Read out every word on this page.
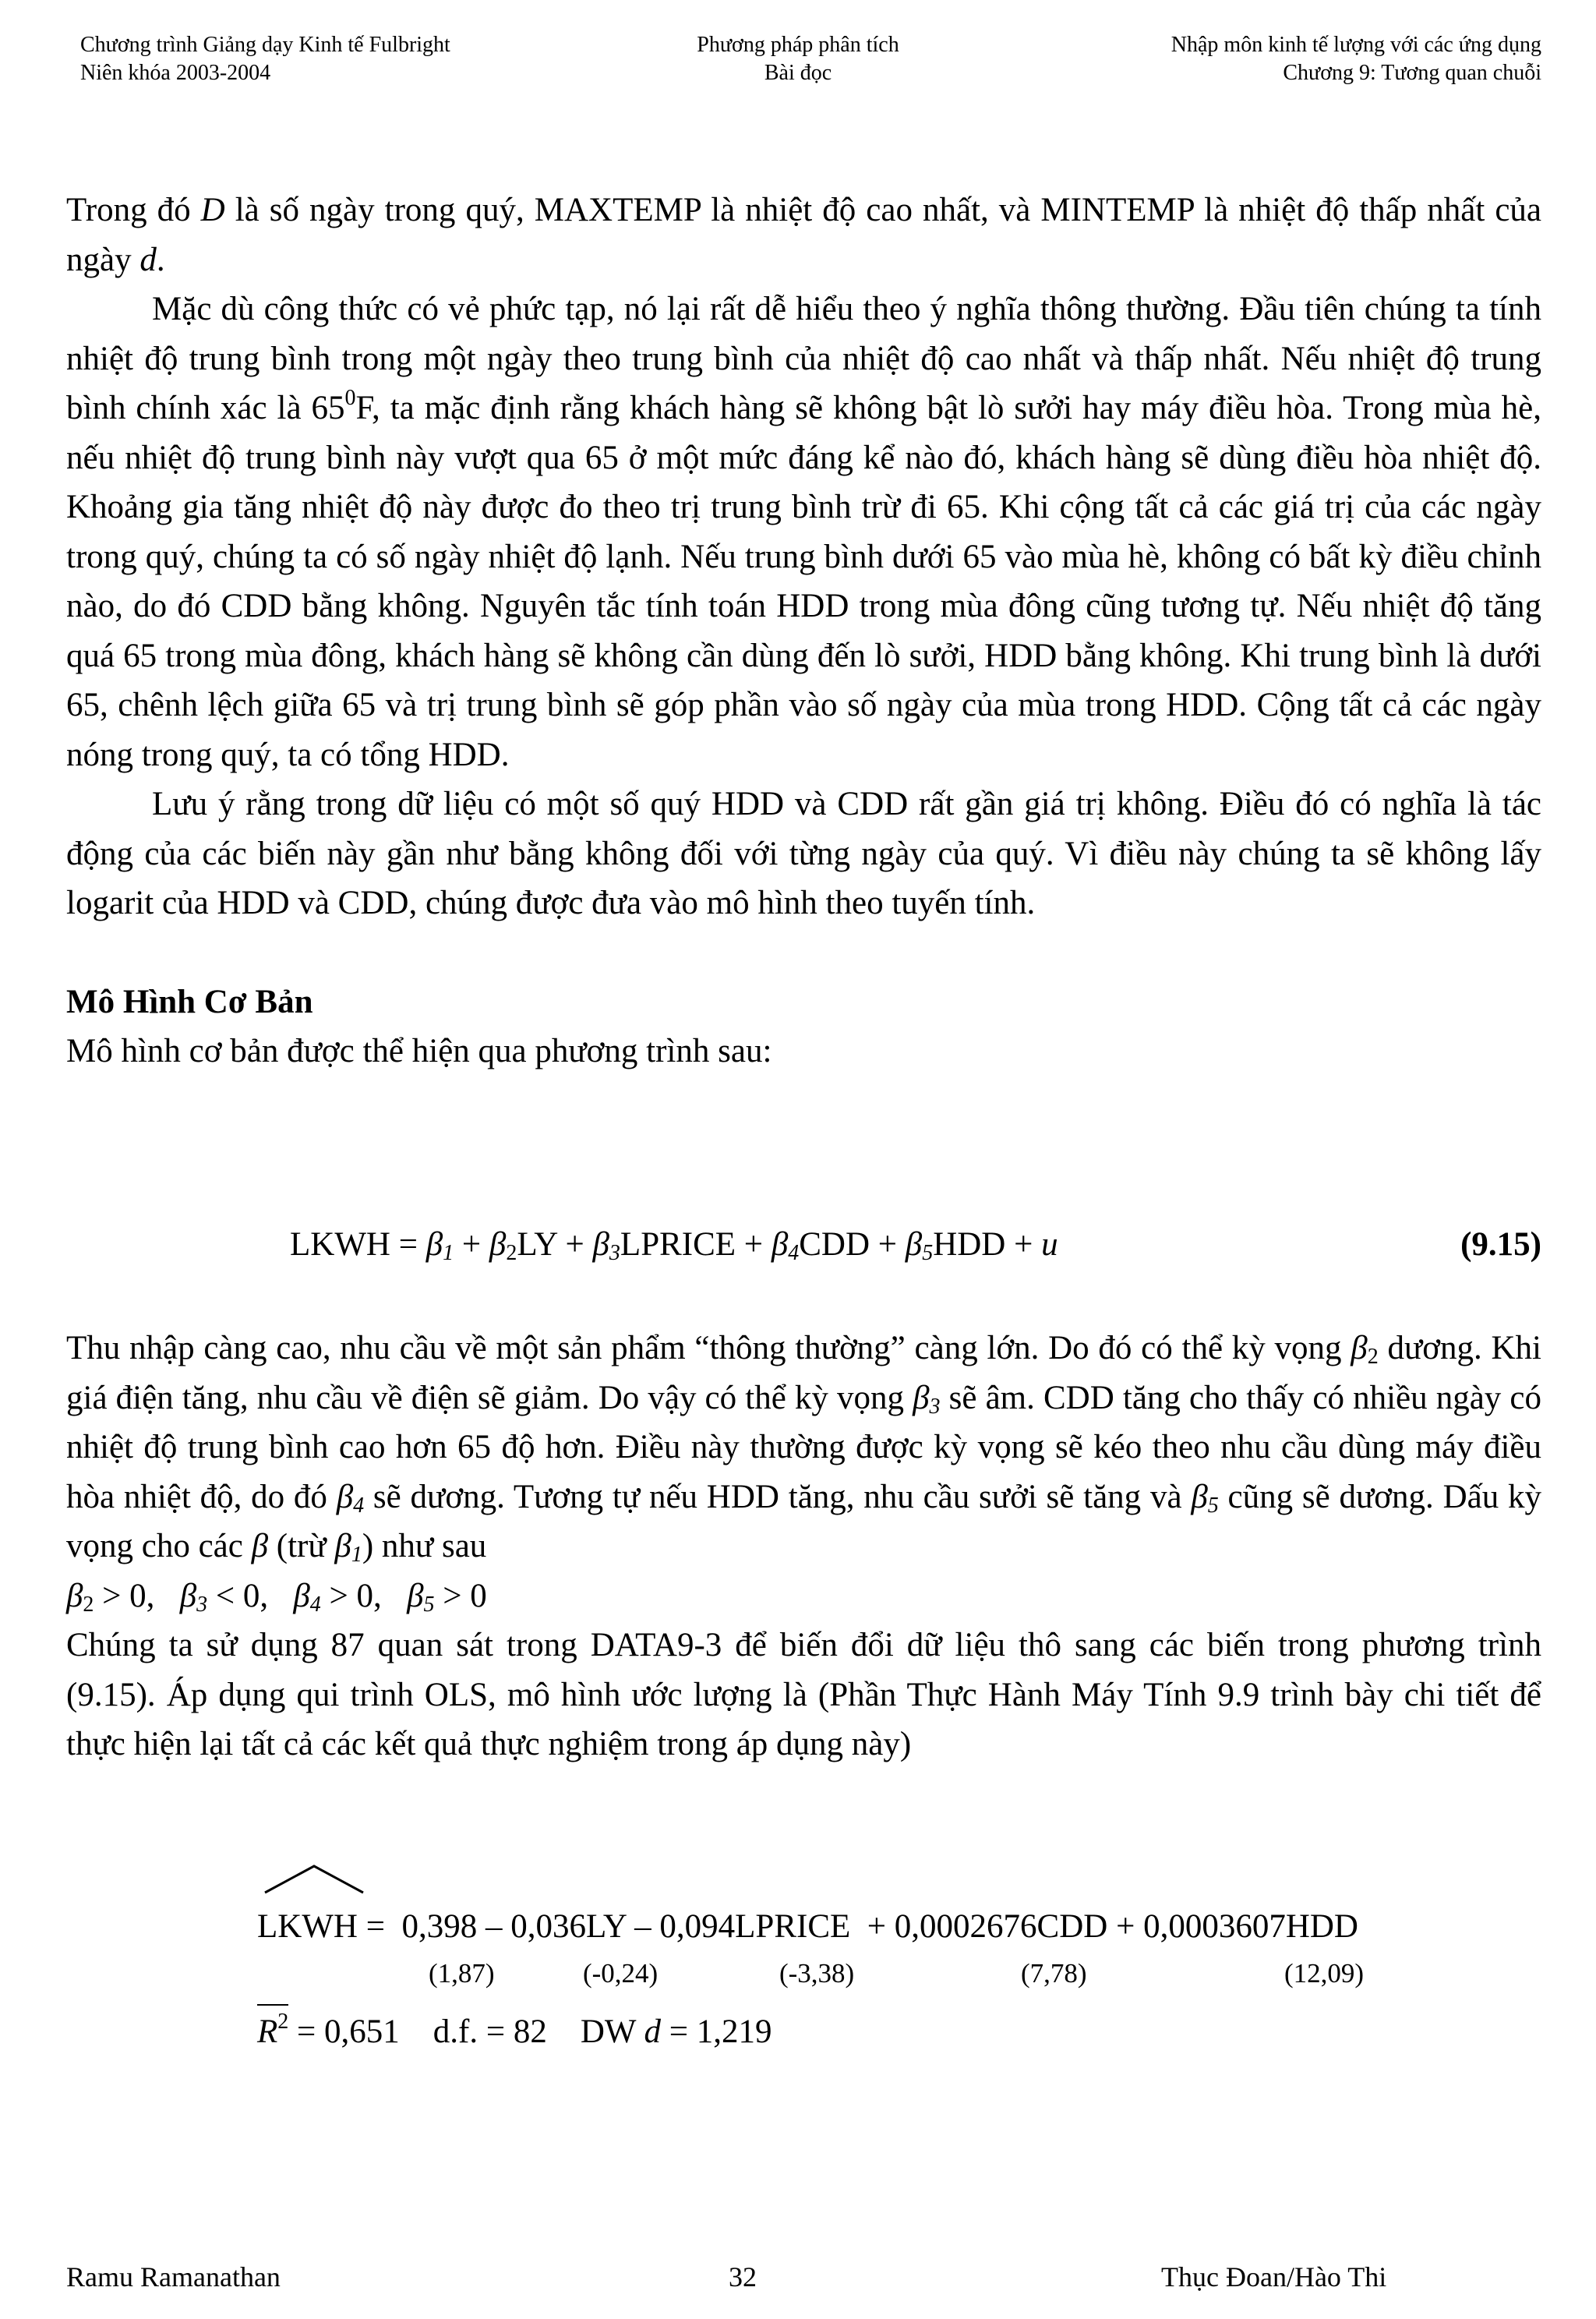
Chương trình Giảng dạy Kinh tế Fulbright
Niên khóa 2003-2004
Phương pháp phân tích
Bài đọc
Nhập môn kinh tế lượng với các ứng dụng
Chương 9: Tương quan chuỗi

Trong đó D là số ngày trong quý, MAXTEMP là nhiệt độ cao nhất, và MINTEMP là nhiệt độ thấp nhất của ngày d.

Mặc dù công thức có vẻ phức tạp, nó lại rất dễ hiểu theo ý nghĩa thông thường. Đầu tiên chúng ta tính nhiệt độ trung bình trong một ngày theo trung bình của nhiệt độ cao nhất và thấp nhất. Nếu nhiệt độ trung bình chính xác là $65^0F$, ta mặc định rằng khách hàng sẽ không bật lò sưởi hay máy điều hòa. Trong mùa hè, nếu nhiệt độ trung bình này vượt qua 65 ở một mức đáng kể nào đó, khách hàng sẽ dùng điều hòa nhiệt độ. Khoảng gia tăng nhiệt độ này được đo theo trị trung bình trừ đi 65. Khi cộng tất cả các giá trị của các ngày trong quý, chúng ta có số ngày nhiệt độ lạnh. Nếu trung bình dưới 65 vào mùa hè, không có bất kỳ điều chỉnh nào, do đó CDD bằng không. Nguyên tắc tính toán HDD trong mùa đông cũng tương tự. Nếu nhiệt độ tăng quá 65 trong mùa đông, khách hàng sẽ không cần dùng đến lò sưởi, HDD bằng không. Khi trung bình là dưới 65, chênh lệch giữa 65 và trị trung bình sẽ góp phần vào số ngày của mùa trong HDD. Cộng tất cả các ngày nóng trong quý, ta có tổng HDD.

Lưu ý rằng trong dữ liệu có một số quý HDD và CDD rất gần giá trị không. Điều đó có nghĩa là tác động của các biến này gần như bằng không đối với từng ngày của quý. Vì điều này chúng ta sẽ không lấy logarit của HDD và CDD, chúng được đưa vào mô hình theo tuyến tính.

Mô Hình Cơ Bản

Mô hình cơ bản được thể hiện qua phương trình sau:

LKWH = $\beta_1 + \beta_2LY$ + $\beta_3LPRICE + \beta_4CDD + \beta_5HDD + u$	(9.15)

Thu nhập càng cao, nhu cầu về một sản phẩm “thông thường” càng lớn. Do đó có thể kỳ vọng $\beta_2$ dương. Khi giá điện tăng, nhu cầu về điện sẽ giảm. Do vậy có thể kỳ vọng $\beta_3$ sẽ âm. CDD tăng cho thấy có nhiều ngày có nhiệt độ trung bình cao hơn 65 độ hơn. Điều này thường được kỳ vọng sẽ kéo theo nhu cầu dùng máy điều hòa nhiệt độ, do đó $\beta_4$ sẽ dương. Tương tự nếu HDD tăng, nhu cầu sưởi sẽ tăng và $\beta_5$ cũng sẽ dương. Dấu kỳ vọng cho các β (trừ $\beta_1$) như sau

$\beta_2 > 0$, $\beta_3 < 0$, $\beta_4 > 0$, $\beta_5 > 0$

Chúng ta sử dụng 87 quan sát trong DATA9-3 để biến đổi dữ liệu thô sang các biến trong phương trình (9.15). Áp dụng qui trình OLS, mô hình ước lượng là (Phần Thực Hành Máy Tính 9.9 trình bày chi tiết để thực hiện lại tất cả các kết quả thực nghiệm trong áp dụng này)

LKWH =  0,398 – 0,036LY – 0,094LPRICE  + 0,0002676CDD + 0,0003607HDD
(1,87)	(-0,24)	(-3,38)	(7,78)	(12,09)
$R^2 = 0,651$ d.f. = 82 DW d = 1,219
Ramu Ramanathan	32	Thục Đoan/Hào Thi
